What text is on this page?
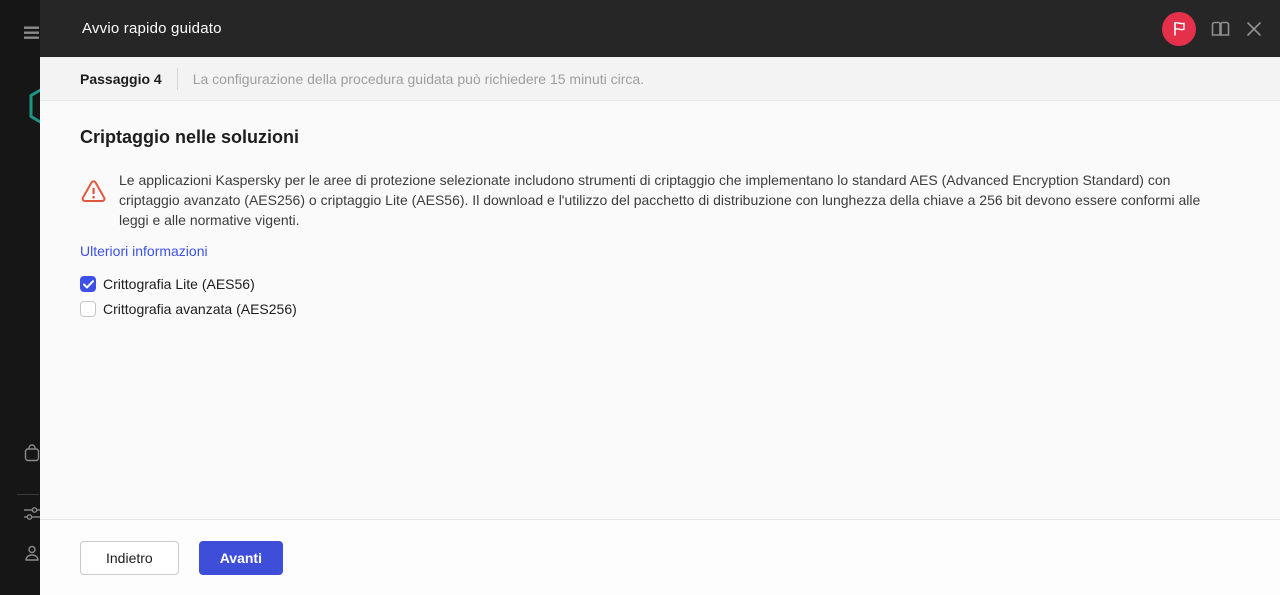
Avvio rapido guidato
Passaggio 4 La configurazione della procedura guidata può richiedere 15 minuti circa.
Criptaggio nelle soluzioni
Le applicazioni Kaspersky per le aree di protezione selezionate includono strumenti di criptaggio che implementano lo standard AES (Advanced Encryption Standard) con criptaggio avanzato (AES256) o criptaggio Lite (AES56). Il download e l'utilizzo del pacchetto di distribuzione con lunghezza della chiave a 256 bit devono essere conformi alle leggi e alle normative vigenti.
Ulteriori informazioni
Crittografia Lite (AES56)
Crittografia avanzata (AES256)
Indietro	Avanti
